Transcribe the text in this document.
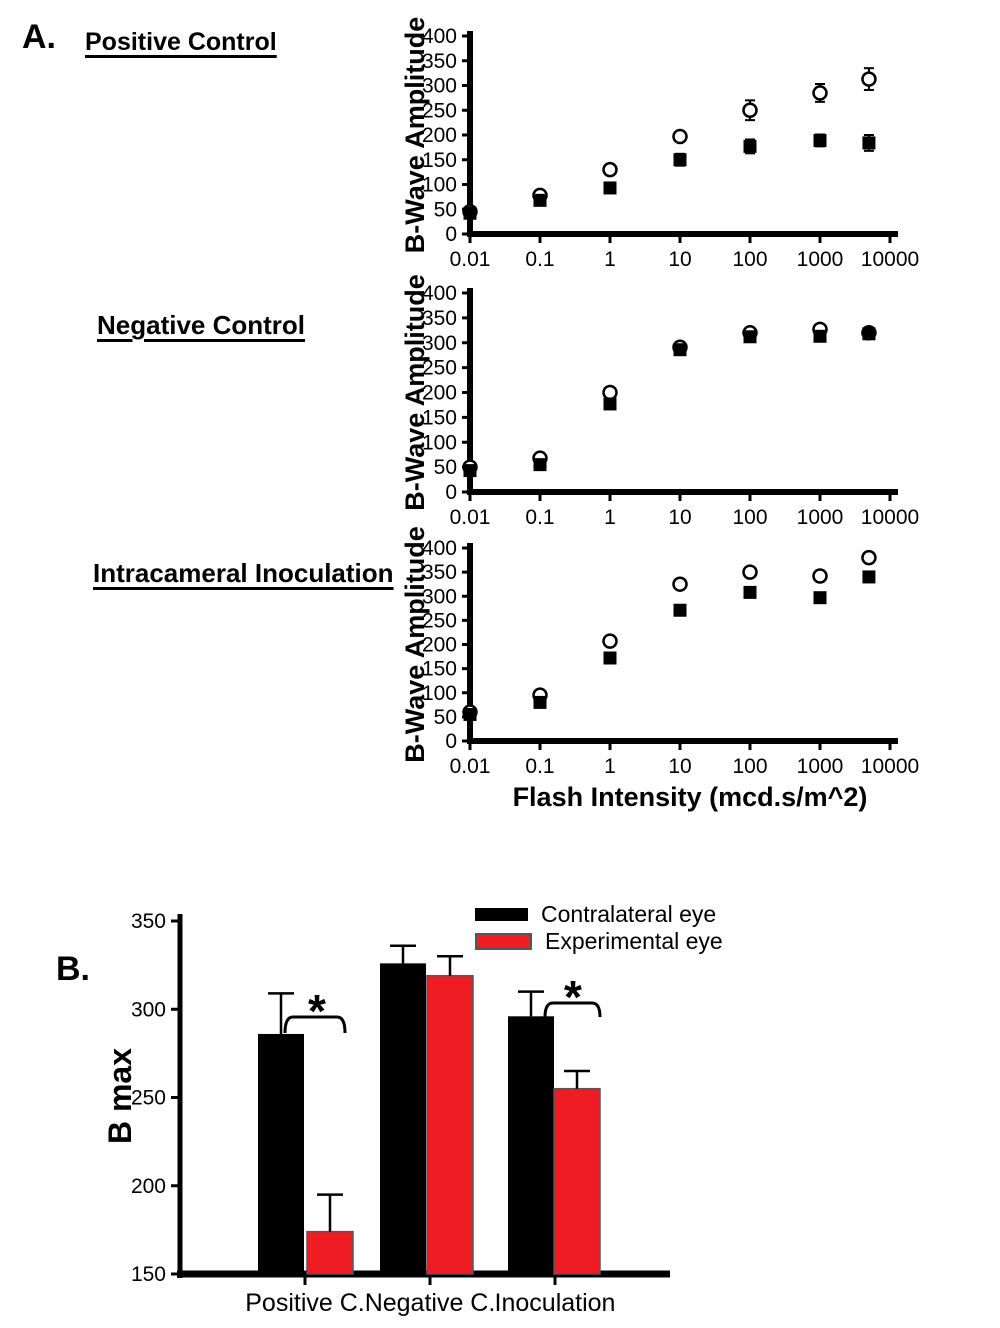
A. Positive Control
0
50
100
150
200
250
300
350
400
0.01 0.1 1 10 100 1000 10000
B-Wave Amplitude
Negative Control
0
50
100
150
200
250
300
350
400
0.01 0.1 1 10 100 1000 10000
B-Wave Amplitude
Intracameral Inoculation
0
50
100
150
200
250
300
350
400
0.01 0.1 1 10 100 1000 10000
B-Wave Amplitude
Flash Intensity (mcd.s/m^2)
B.
Contralateral eye
Experimental eye
150
200
250
300
350
B max
Positive C. Negative C. Inoculation
*	*
